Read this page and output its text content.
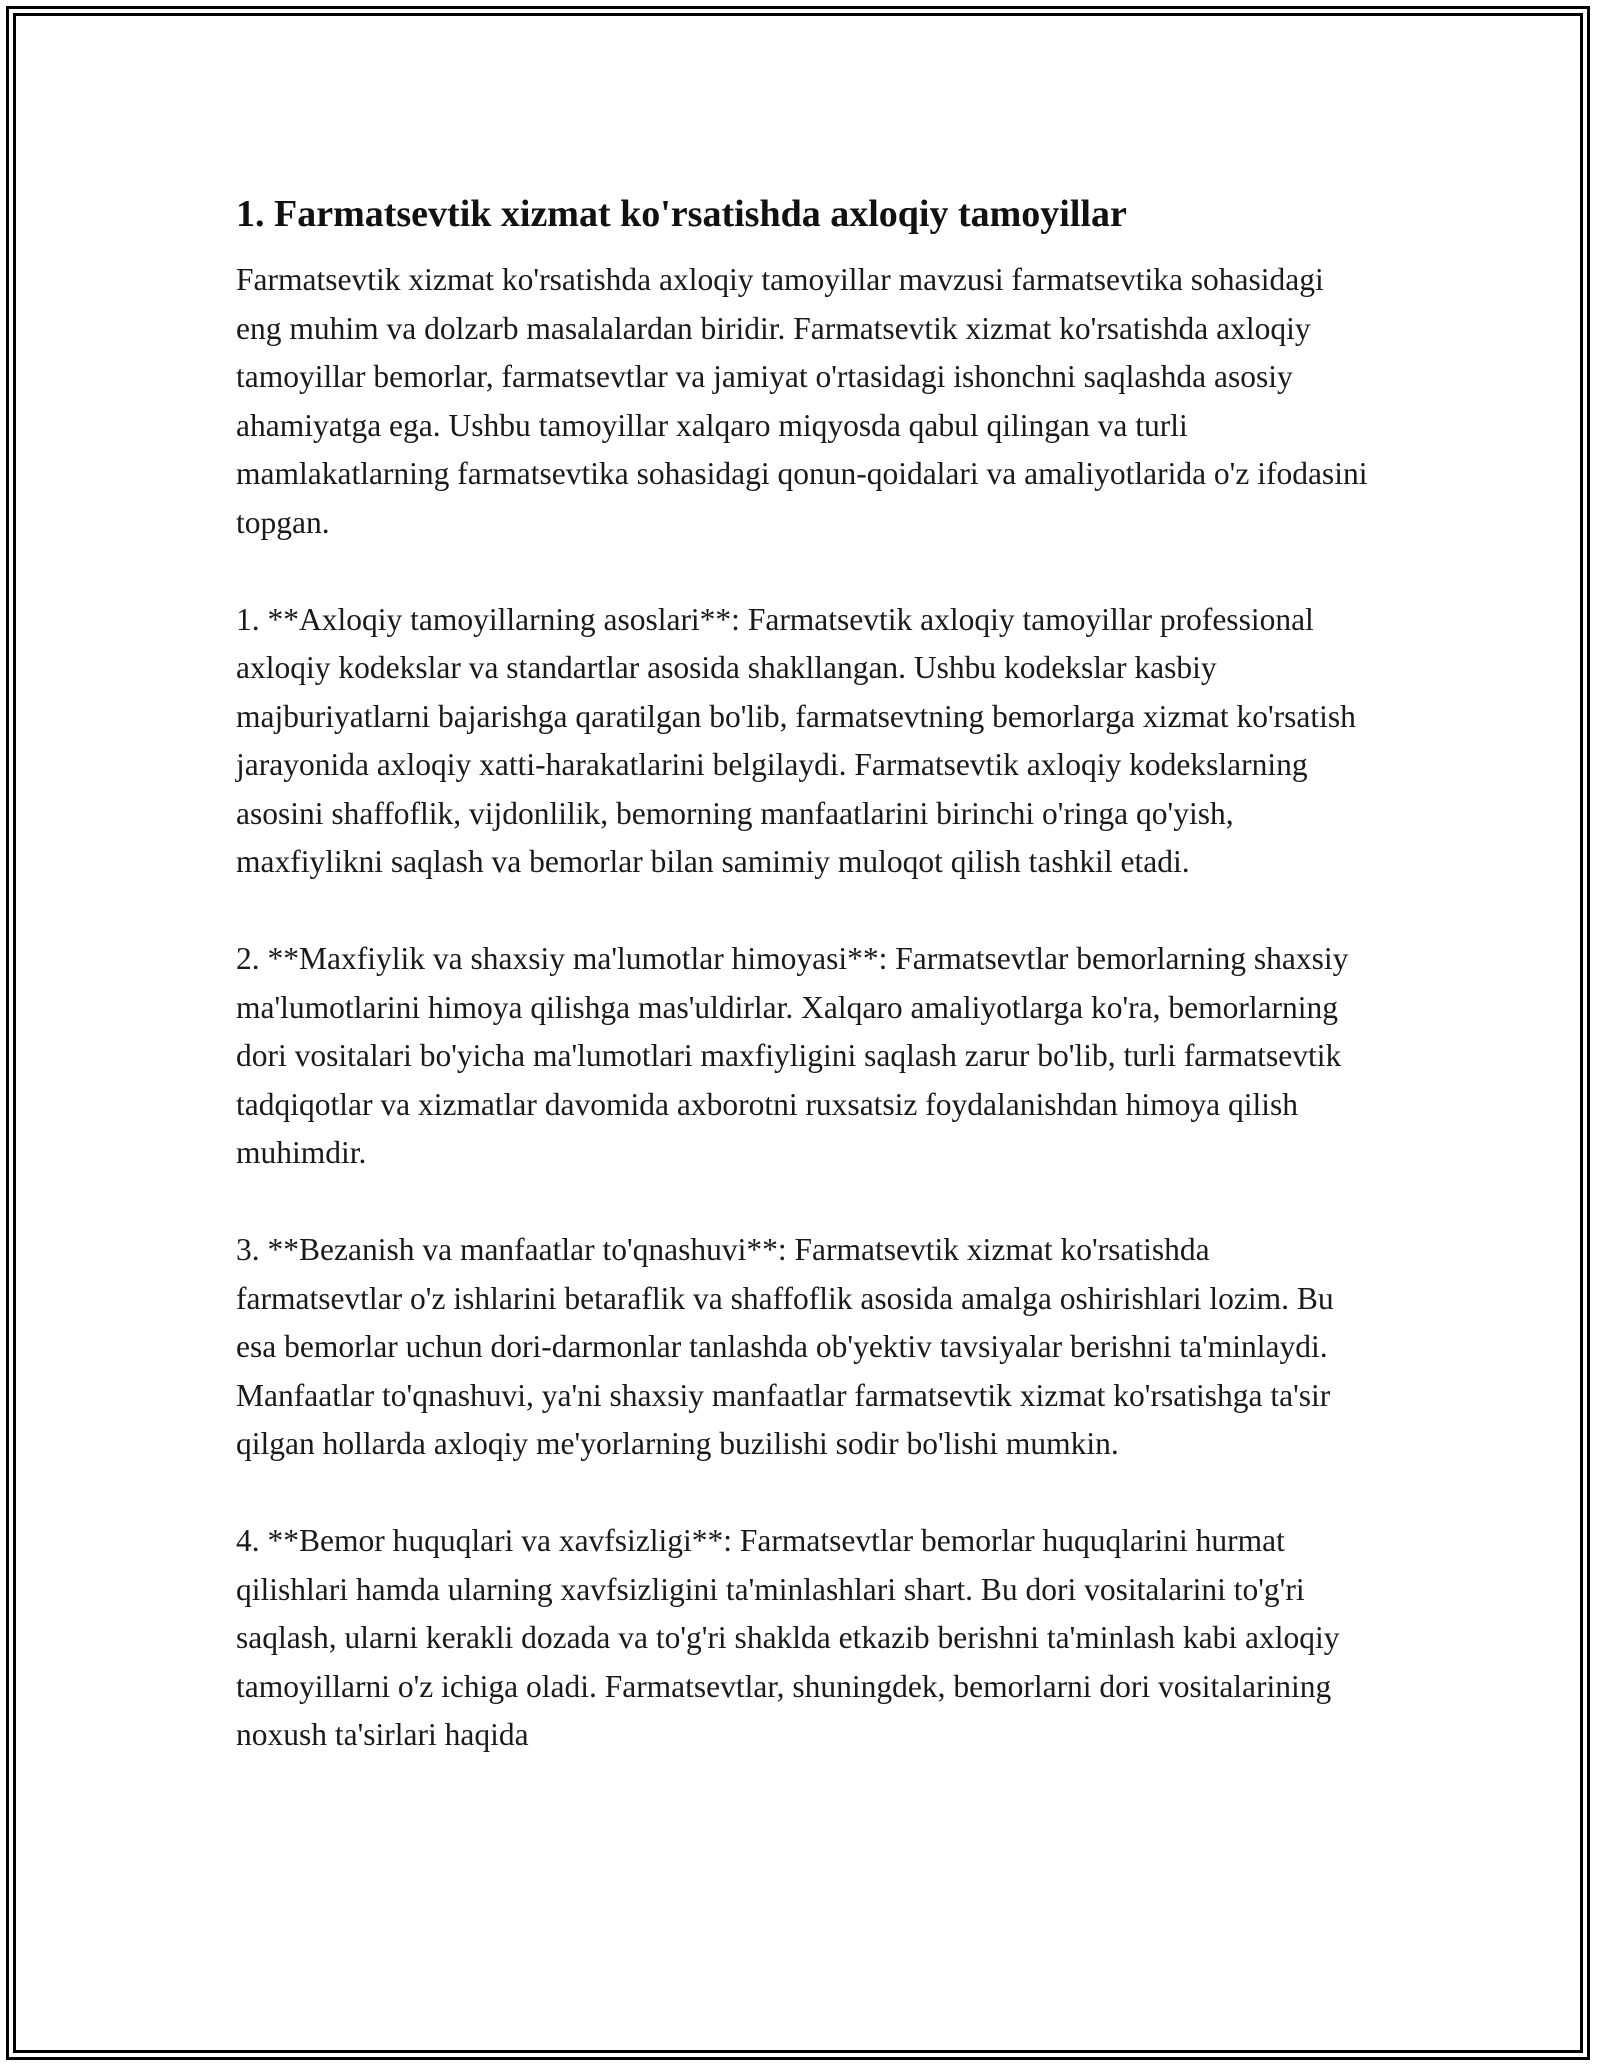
1. Farmatsevtik xizmat ko'rsatishda axloqiy tamoyillar

Farmatsevtik xizmat ko'rsatishda axloqiy tamoyillar mavzusi farmatsevtika sohasidagi eng muhim va dolzarb masalalardan biridir. Farmatsevtik xizmat ko'rsatishda axloqiy tamoyillar bemorlar, farmatsevtlar va jamiyat o'rtasidagi ishonchni saqlashda asosiy ahamiyatga ega. Ushbu tamoyillar xalqaro miqyosda qabul qilingan va turli mamlakatlarning farmatsevtika sohasidagi qonun-qoidalari va amaliyotlarida o'z ifodasini topgan.

1. **Axloqiy tamoyillarning asoslari**: Farmatsevtik axloqiy tamoyillar professional axloqiy kodekslar va standartlar asosida shakllangan. Ushbu kodekslar kasbiy majburiyatlarni bajarishga qaratilgan bo'lib, farmatsevtning bemorlarga xizmat ko'rsatish jarayonida axloqiy xatti-harakatlarini belgilaydi. Farmatsevtik axloqiy kodekslarning asosini shaffoflik, vijdonlilik, bemorning manfaatlarini birinchi o'ringa qo'yish, maxfiylikni saqlash va bemorlar bilan samimiy muloqot qilish tashkil etadi.

2. **Maxfiylik va shaxsiy ma'lumotlar himoyasi**: Farmatsevtlar bemorlarning shaxsiy ma'lumotlarini himoya qilishga mas'uldirlar. Xalqaro amaliyotlarga ko'ra, bemorlarning dori vositalari bo'yicha ma'lumotlari maxfiyligini saqlash zarur bo'lib, turli farmatsevtik tadqiqotlar va xizmatlar davomida axborotni ruxsatsiz foydalanishdan himoya qilish muhimdir.

3. **Bezanish va manfaatlar to'qnashuvi**: Farmatsevtik xizmat ko'rsatishda farmatsevtlar o'z ishlarini betaraflik va shaffoflik asosida amalga oshirishlari lozim. Bu esa bemorlar uchun dori-darmonlar tanlashda ob'yektiv tavsiyalar berishni ta'minlaydi. Manfaatlar to'qnashuvi, ya'ni shaxsiy manfaatlar farmatsevtik xizmat ko'rsatishga ta'sir qilgan hollarda axloqiy me'yorlarning buzilishi sodir bo'lishi mumkin.

4. **Bemor huquqlari va xavfsizligi**: Farmatsevtlar bemorlar huquqlarini hurmat qilishlari hamda ularning xavfsizligini ta'minlashlari shart. Bu dori vositalarini to'g'ri saqlash, ularni kerakli dozada va to'g'ri shaklda etkazib berishni ta'minlash kabi axloqiy tamoyillarni o'z ichiga oladi. Farmatsevtlar, shuningdek, bemorlarni dori vositalarining noxush ta'sirlari haqida
